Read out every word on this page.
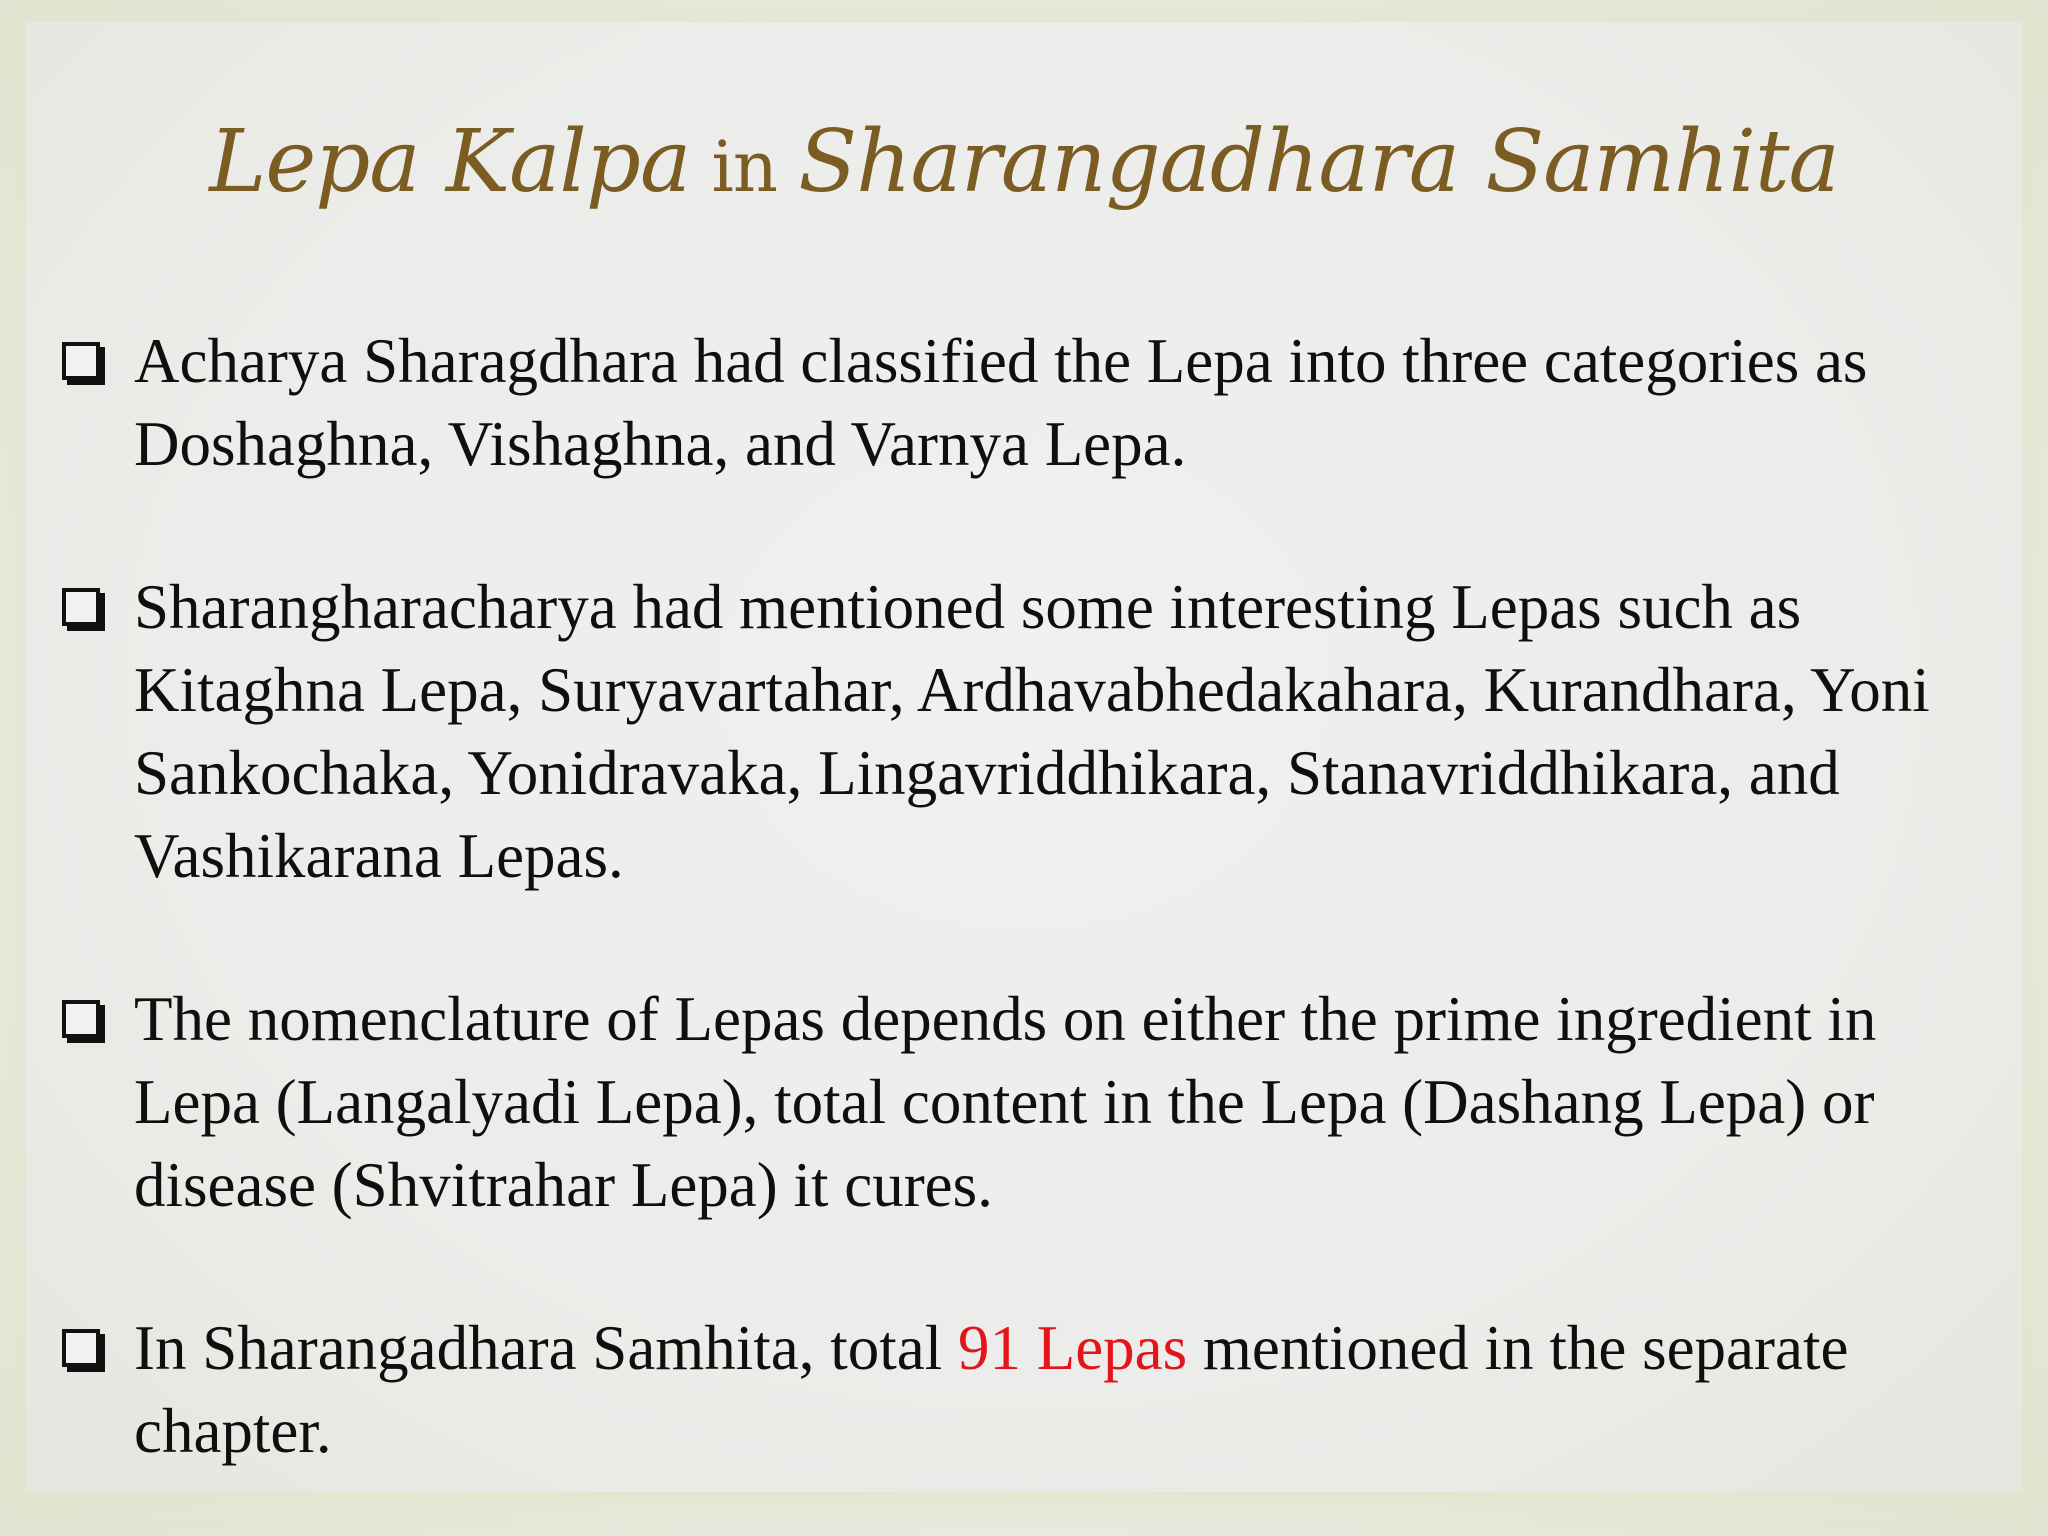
Lepa Kalpa in Sharangadhara Samhita
Acharya Sharagdhara had classified the Lepa into three categories as Doshaghna, Vishaghna, and Varnya Lepa.
Sharangharacharya had mentioned some interesting Lepas such as Kitaghna Lepa, Suryavartahar, Ardhavabhedakahara, Kurandhara, Yoni Sankochaka, Yonidravaka, Lingavriddhikara, Stanavriddhikara, and Vashikarana Lepas.
The nomenclature of Lepas depends on either the prime ingredient in Lepa (Langalyadi Lepa), total content in the Lepa (Dashang Lepa) or disease (Shvitrahar Lepa) it cures.
In Sharangadhara Samhita, total 91 Lepas mentioned in the separate chapter.
